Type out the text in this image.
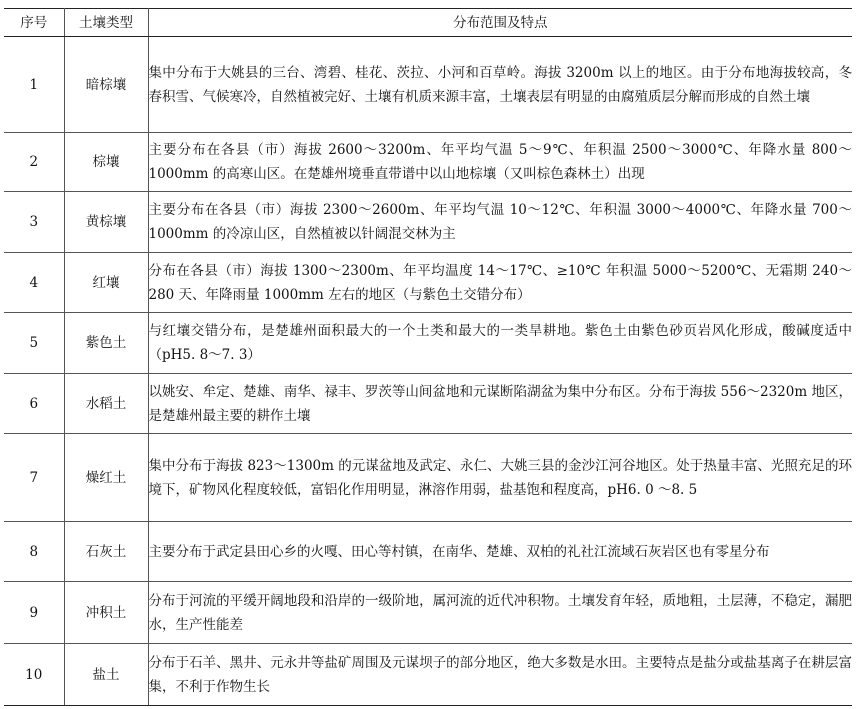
序号	土壤类型	分布范围及特点
1	暗棕壤	集中分布于大姚县的三台、湾碧、桂花、茨拉、小河和百草岭。海拔 3200m 以上的地区。由于分布地海拔较高，冬春积雪、气候寒冷，自然植被完好、土壤有机质来源丰富，土壤表层有明显的由腐殖质层分解而形成的自然土壤
2	棕壤	主要分布在各县（市）海拔 2600～3200m、年平均气温 5～9℃、年积温 2500～3000℃、年降水量 800～1000mm 的高寒山区。在楚雄州境垂直带谱中以山地棕壤（又叫棕色森林土）出现
3	黄棕壤	主要分布在各县（市）海拔 2300～2600m、年平均气温 10～12℃、年积温 3000～4000℃、年降水量 700～1000mm 的冷凉山区，自然植被以针阔混交林为主
4	红壤	分布在各县（市）海拔 1300～2300m、年平均温度 14～17℃、≥10℃ 年积温 5000～5200℃、无霜期 240～280 天、年降雨量 1000mm 左右的地区（与紫色土交错分布）
5	紫色土	与红壤交错分布，是楚雄州面积最大的一个土类和最大的一类旱耕地。紫色土由紫色砂页岩风化形成，酸碱度适中（pH5. 8～7. 3）
6	水稻土	以姚安、牟定、楚雄、南华、禄丰、罗茨等山间盆地和元谋断陷湖盆为集中分布区。分布于海拔 556～2320m 地区，是楚雄州最主要的耕作土壤
7	燥红土	集中分布于海拔 823～1300m 的元谋盆地及武定、永仁、大姚三县的金沙江河谷地区。处于热量丰富、光照充足的环境下，矿物风化程度较低，富铝化作用明显，淋溶作用弱，盐基饱和程度高，pH6. 0 ～8. 5
8	石灰土	主要分布于武定县田心乡的火嘎、田心等村镇，在南华、楚雄、双柏的礼社江流域石灰岩区也有零星分布
9	冲积土	分布于河流的平缓开阔地段和沿岸的一级阶地，属河流的近代冲积物。土壤发育年轻，质地粗，土层薄，不稳定，漏肥水，生产性能差
10	盐土	分布于石羊、黑井、元永井等盐矿周围及元谋坝子的部分地区，绝大多数是水田。主要特点是盐分或盐基离子在耕层富集，不利于作物生长
